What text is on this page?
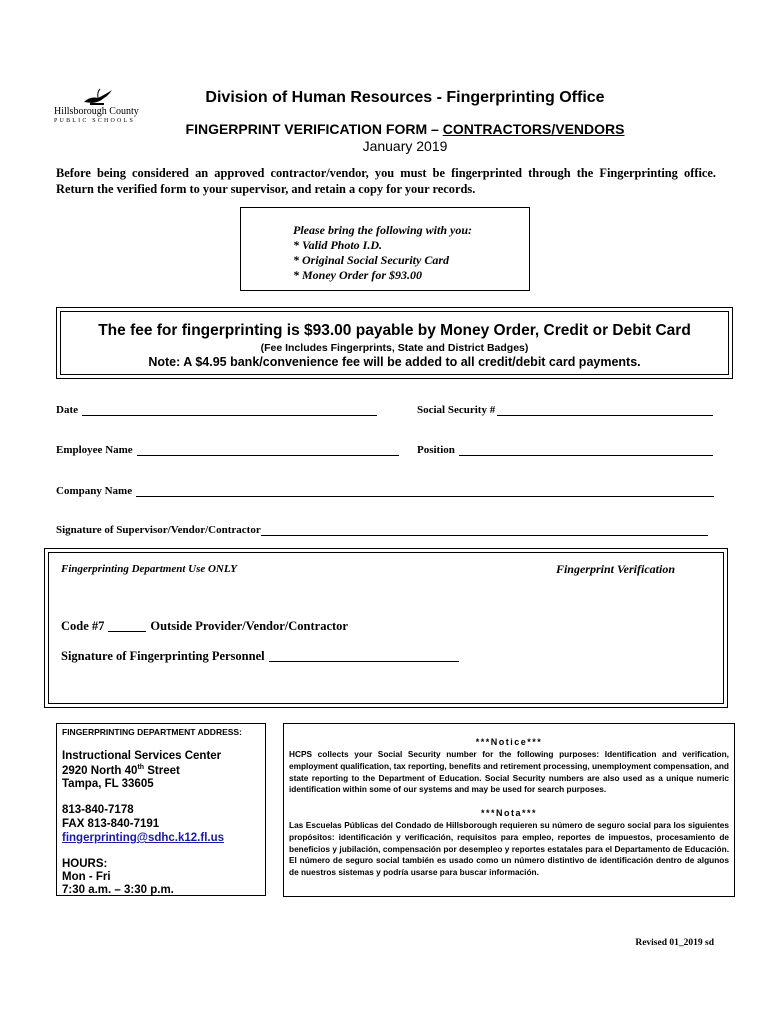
Hillsborough County
PUBLIC SCHOOLS
Division of Human Resources - Fingerprinting Office
FINGERPRINT VERIFICATION FORM – CONTRACTORS/VENDORS
January 2019
Before being considered an approved contractor/vendor, you must be fingerprinted through the Fingerprinting office. Return the verified form to your supervisor, and retain a copy for your records.
Please bring the following with you:
* Valid Photo I.D.
* Original Social Security Card
* Money Order for $93.00
The fee for fingerprinting is $93.00 payable by Money Order, Credit or Debit Card
(Fee Includes Fingerprints, State and District Badges)
Note: A $4.95 bank/convenience fee will be added to all credit/debit card payments.
Date	Social Security #
Employee Name	Position
Company Name
Signature of Supervisor/Vendor/Contractor
Fingerprinting Department Use ONLY	Fingerprint Verification
Code #7	Outside Provider/Vendor/Contractor
Signature of Fingerprinting Personnel
FINGERPRINTING DEPARTMENT ADDRESS:
Instructional Services Center
2920 North 40th Street
Tampa, FL 33605
813-840-7178
FAX 813-840-7191
fingerprinting@sdhc.k12.fl.us
HOURS:
Mon - Fri
7:30 a.m. – 3:30 p.m.
***Notice***
HCPS collects your Social Security number for the following purposes: Identification and verification, employment qualification, tax reporting, benefits and retirement processing, unemployment compensation, and state reporting to the Department of Education. Social Security numbers are also used as a unique numeric identification within some of our systems and may be used for search purposes.
***Nota***
Las Escuelas Públicas del Condado de Hillsborough requieren su número de seguro social para los siguientes propósitos: identificación y verificación, requisitos para empleo, reportes de impuestos, procesamiento de beneficios y jubilación, compensación por desempleo y reportes estatales para el Departamento de Educación. El número de seguro social también es usado como un número distintivo de identificación dentro de algunos de nuestros sistemas y podría usarse para buscar información.
Revised 01_2019 sd
